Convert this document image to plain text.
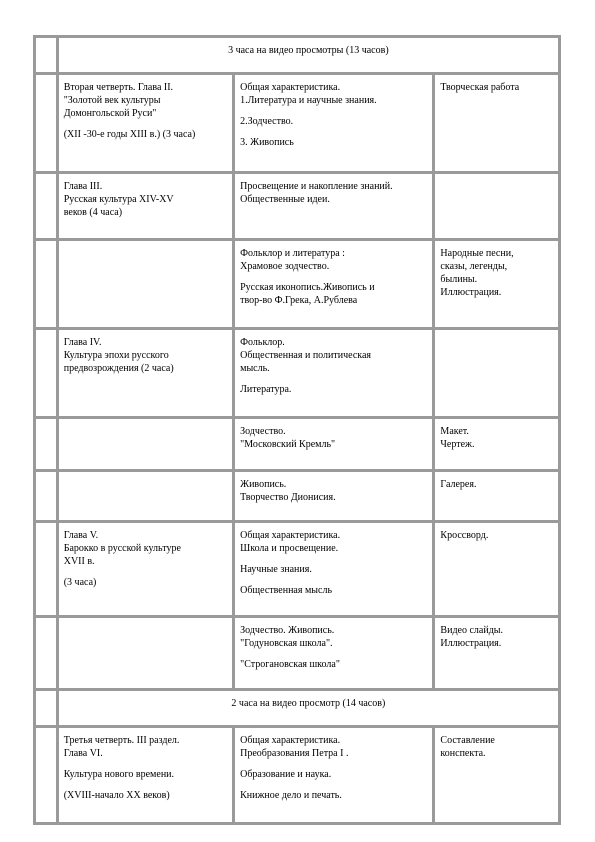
	3 часа на видео просмотры (13 часов)		

	Вторая четверть. Глава II.
"Золотой век культуры
Домонгольской Руси"
(XII -30-е годы XIII в.) (3 часа)	Общая характеристика.
1.Литература и научные знания.
2.Зодчество.
3. Живопись	Творческая работа

	Глава III.
Русская культура XIV-XV
веков (4 часа)	Просвещение и накопление знаний.
Общественные идеи.	

		Фольклор и литература :
Храмовое зодчество.
Русская иконопись.Живопись и
твор-во Ф.Грека, А.Рублева	Народные песни,
сказы, легенды,
былины.
Иллюстрация.

	Глава IV.
Культура эпохи русского
предвозрождения (2 часа)	Фольклор.
Общественная и политическая
мысль.
Литература.	

		Зодчество.
"Московский Кремль"	Макет.
Чертеж.

		Живопись.
Творчество Дионисия.	Галерея.

	Глава V.
Барокко в русской культуре
XVII в.
(3 часа)	Общая характеристика.
Школа и просвещение.
Научные знания.
Общественная мысль	Кроссворд.

		Зодчество. Живопись.
"Годуновская школа".
"Строгановская школа"	Видео слайды.
Иллюстрация.

	2 часа на видео просмотр (14 часов)		

	Третья четверть. III раздел.
Глава VI.
Культура нового времени.
(XVIII-начало XX веков)	Общая характеристика.
Преобразования Петра I .
Образование и наука.
Книжное дело и печать.	Составление
конспекта.
